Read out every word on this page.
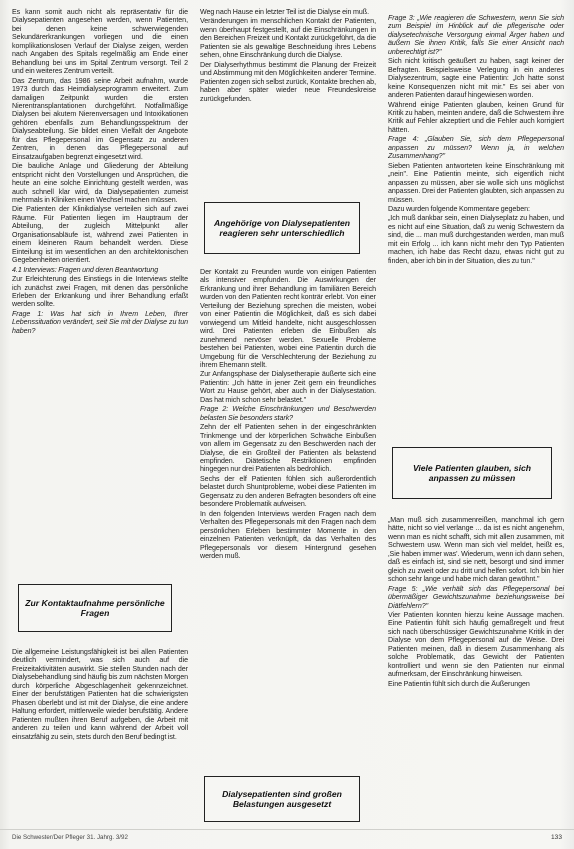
Es kann somit auch nicht als repräsentativ für die Dialysepatienten angesehen werden, wenn Patienten, bei denen keine schwerwiegenden Sekundärerkrankungen vorliegen und die einen komplikationslosen Verlauf der Dialyse zeigen, werden nach Angaben des Spitals regelmäßig am Ende einer Behandlung bei uns im Spital Zentrum versorgt. Teil 2 und ein weiteres Zentrum verteilt.

Das Zentrum, das 1986 seine Arbeit aufnahm, wurde 1973 durch das Heimdialyseprogramm erweitert. Zum damaligen Zeitpunkt wurden die ersten Nierentransplantationen durchgeführt. Notfallmäßige Dialysen bei akutem Nierenversagen und Intoxikationen gehören ebenfalls zum Behandlungsspektrum der Dialyseabteilung. Sie bildet einen Vielfalt der Angebote für das Pflegepersonal im Gegensatz zu anderen Zentren, in denen das Pflegepersonal auf Einsatzaufgaben begrenzt eingesetzt wird.

Die bauliche Anlage und Gliederung der Abteilung entspricht nicht den Vorstellungen und Ansprüchen, die heute an eine solche Einrichtung gestellt werden, was auch schnell klar wird, da Dialysepatienten zumeist mehrmals in Kliniken einen Wechsel machen müssen.

Die Patienten der Klinikdialyse verteilen sich auf zwei Räume. Für Patienten liegen im Hauptraum der Abteilung, der zugleich Mittelpunkt aller Organisationsabläufe ist, während zwei Patienten in einem kleineren Raum behandelt werden. Diese Einteilung ist im wesentlichen an den architektonischen Gegebenheiten orientiert.

4.1 Interviews: Fragen und deren Beantwortung

Zur Erleichterung des Einstiegs in die Interviews stellte ich zunächst zwei Fragen, mit denen das persönliche Erleben der Erkrankung und ihrer Behandlung erfaßt werden sollte.

Frage 1: Was hat sich in Ihrem Leben, Ihrer Lebenssituation verändert, seit Sie mit der Dialyse zu tun haben?

Zur Kontaktaufnahme persönliche Fragen

Die allgemeine Leistungsfähigkeit ist bei allen Patienten deutlich vermindert, was sich auch auf die Freizeitaktivitäten auswirkt. Sie stellen Stunden nach der Dialysebehandlung sind häufig bis zum nächsten Morgen durch körperliche Abgeschlagenheit gekennzeichnet. Einer der berufstätigen Patienten hat die schwierigsten Phasen überlebt und ist mit der Dialyse, die eine andere Haltung erfordert, mittlerweile wieder berufstätig. Andere Patienten mußten ihren Beruf aufgeben, die Arbeit mit anderen zu teilen und kann während der Arbeit voll einsatzfähig zu sein, stets durch den Beruf bedingt ist.

Weg nach Hause ein letzter Teil ist die Dialyse ein muß.

Veränderungen im menschlichen Kontakt der Patienten, wenn überhaupt festgestellt, auf die Einschränkungen in den Bereichen Freizeit und Kontakt zurückgeführt, da die Patienten sie als gewaltige Beschneidung ihres Lebens sehen, ohne Einschränkung durch die Dialyse.

Der Dialyserhythmus bestimmt die Planung der Freizeit und Abstimmung mit den Möglichkeiten anderer Termine. Patienten zogen sich selbst zurück, Kontakte brechen ab, haben aber später wieder neue Freundeskreise zurückgefunden.

Angehörige von Dialysepatienten reagieren sehr unterschiedlich

Der Kontakt zu Freunden wurde von einigen Patienten als intensiver empfunden. Die Auswirkungen der Erkrankung und ihrer Behandlung im familiären Bereich wurden von den Patienten recht konträr erlebt. Von einer Verteilung der Beziehung sprechen die meisten, wobei von einer Patientin die Möglichkeit, daß es sich dabei vorwiegend um Mitleid handelte, nicht ausgeschlossen wird. Drei Patienten erleben die Einbußen als zunehmend nervöser werden. Sexuelle Probleme bestehen bei Patienten, wobei eine Patientin durch die Umgebung für die Verschlechterung der Beziehung zu ihrem Ehemann stellt.

Zur Anfangsphase der Dialysetherapie äußerte sich eine Patientin: „Ich hätte in jener Zeit gern ein freundliches Wort zu Hause gehört, aber auch in der Dialysestation. Das hat mich schon sehr belastet."

Frage 2: Welche Einschränkungen und Beschwerden belasten Sie besonders stark?

Zehn der elf Patienten sehen in der eingeschränkten Trinkmenge und der körperlichen Schwäche Einbußen von allem im Gegensatz zu den Beschwerden nach der Dialyse, die ein Großteil der Patienten als belastend empfinden. Diätetische Restriktionen empfinden hingegen nur drei Patienten als bedrohlich.

Sechs der elf Patienten fühlen sich außerordentlich belastet durch Shuntprobleme, wobei diese Patienten im Gegensatz zu den anderen Befragten besonders oft eine besondere Problematik aufweisen.

In den folgenden Interviews werden Fragen nach dem Verhalten des Pflegepersonals mit den Fragen nach dem persönlichen Erleben bestimmter Momente in den einzelnen Patienten verknüpft, da das Verhalten des Pflegepersonals vor diesem Hintergrund gesehen werden muß.

Dialysepatienten sind großen Belastungen ausgesetzt

Frage 3: „Wie reagieren die Schwestern, wenn Sie sich zum Beispiel im Hinblick auf die pflegerische oder dialysetechnische Versorgung einmal Ärger haben und äußern Sie ihnen Kritik, falls Sie einer Ansicht nach unberechtigt ist?"

Sich nicht kritisch geäußert zu haben, sagt keiner der Befragten. Beispielsweise Verlegung in ein anderes Dialysezentrum, sagte eine Patientin: „Ich hatte sonst keine Konsequenzen nicht mit mir." Es sei aber von anderen Patienten darauf hingewiesen worden.

Während einige Patienten glauben, keinen Grund für Kritik zu haben, meinten andere, daß die Schwestern ihre Kritik auf Fehler akzeptiert und die Fehler auch korrigiert hätten.

Frage 4: „Glauben Sie, sich dem Pflegepersonal anpassen zu müssen? Wenn ja, in welchen Zusammenhang?"

Sieben Patienten antworteten keine Einschränkung mit „nein". Eine Patientin meinte, sich eigentlich nicht anpassen zu müssen, aber sie wolle sich uns möglichst anpassen. Drei der Patienten glaubten, sich anpassen zu müssen.

Dazu wurden folgende Kommentare gegeben:

„Ich muß dankbar sein, einen Dialyseplatz zu haben, und es nicht auf eine Situation, daß zu wenig Schwestern da sind, die ... man muß durchgestanden werden, man muß mit ein Erfolg ... ich kann nicht mehr den Typ Patienten machen, ich habe das Recht dazu, etwas nicht gut zu finden, aber ich bin in der Situation, dies zu tun."

Viele Patienten glauben, sich anpassen zu müssen

„Man muß sich zusammenreißen, manchmal ich gern hätte, nicht so viel verlange ... da ist es nicht angenehm, wenn man es nicht schafft, sich mit allen zusammen, mit Schwestern usw. Wenn man sich viel meldet, heißt es, ‚Sie haben immer was'. Wiederum, wenn ich dann sehen, daß es einfach ist, sind sie nett, besorgt und sind immer gleich zu zweit oder zu dritt und helfen sofort. Ich bin hier schon sehr lange und habe mich daran gewöhnt."

Frage 5: „Wie verhält sich das Pflegepersonal bei übermäßiger Gewichtszunahme beziehungsweise bei Diätfehlern?"

Vier Patienten konnten hierzu keine Aussage machen. Eine Patientin fühlt sich häufig gemaßregelt und freut sich nach überschüssiger Gewichtszunahme Kritik in der Dialyse von dem Pflegepersonal auf die Weise. Drei Patienten meinen, daß in diesem Zusammenhang als solche Problematik, das Gewicht der Patienten kontrolliert und wenn sie den Patienten nur einmal aufmerksam, der Einschränkung hinweisen.

Eine Patientin fühlt sich durch die Äußerungen

Die Schwester/Der Pfleger 31. Jahrg. 3/92	133
